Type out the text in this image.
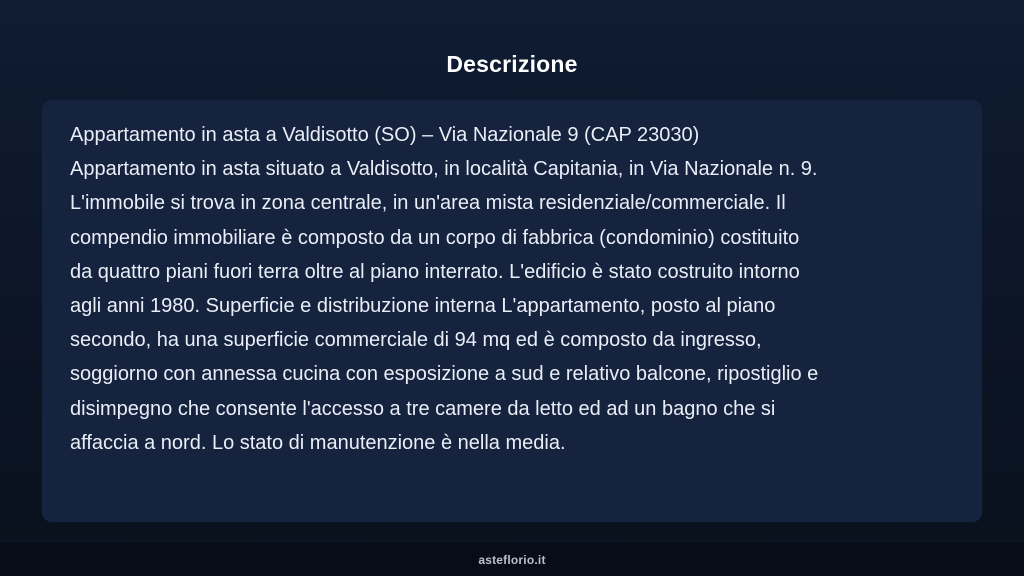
Descrizione

Appartamento in asta a Valdisotto (SO) – Via Nazionale 9 (CAP 23030)
Appartamento in asta situato a Valdisotto, in località Capitania, in Via Nazionale n. 9.
L'immobile si trova in zona centrale, in un'area mista residenziale/commerciale. Il
compendio immobiliare è composto da un corpo di fabbrica (condominio) costituito
da quattro piani fuori terra oltre al piano interrato. L'edificio è stato costruito intorno
agli anni 1980. Superficie e distribuzione interna L'appartamento, posto al piano
secondo, ha una superficie commerciale di 94 mq ed è composto da ingresso,
soggiorno con annessa cucina con esposizione a sud e relativo balcone, ripostiglio e
disimpegno che consente l'accesso a tre camere da letto ed ad un bagno che si
affaccia a nord. Lo stato di manutenzione è nella media.

asteflorio.it
